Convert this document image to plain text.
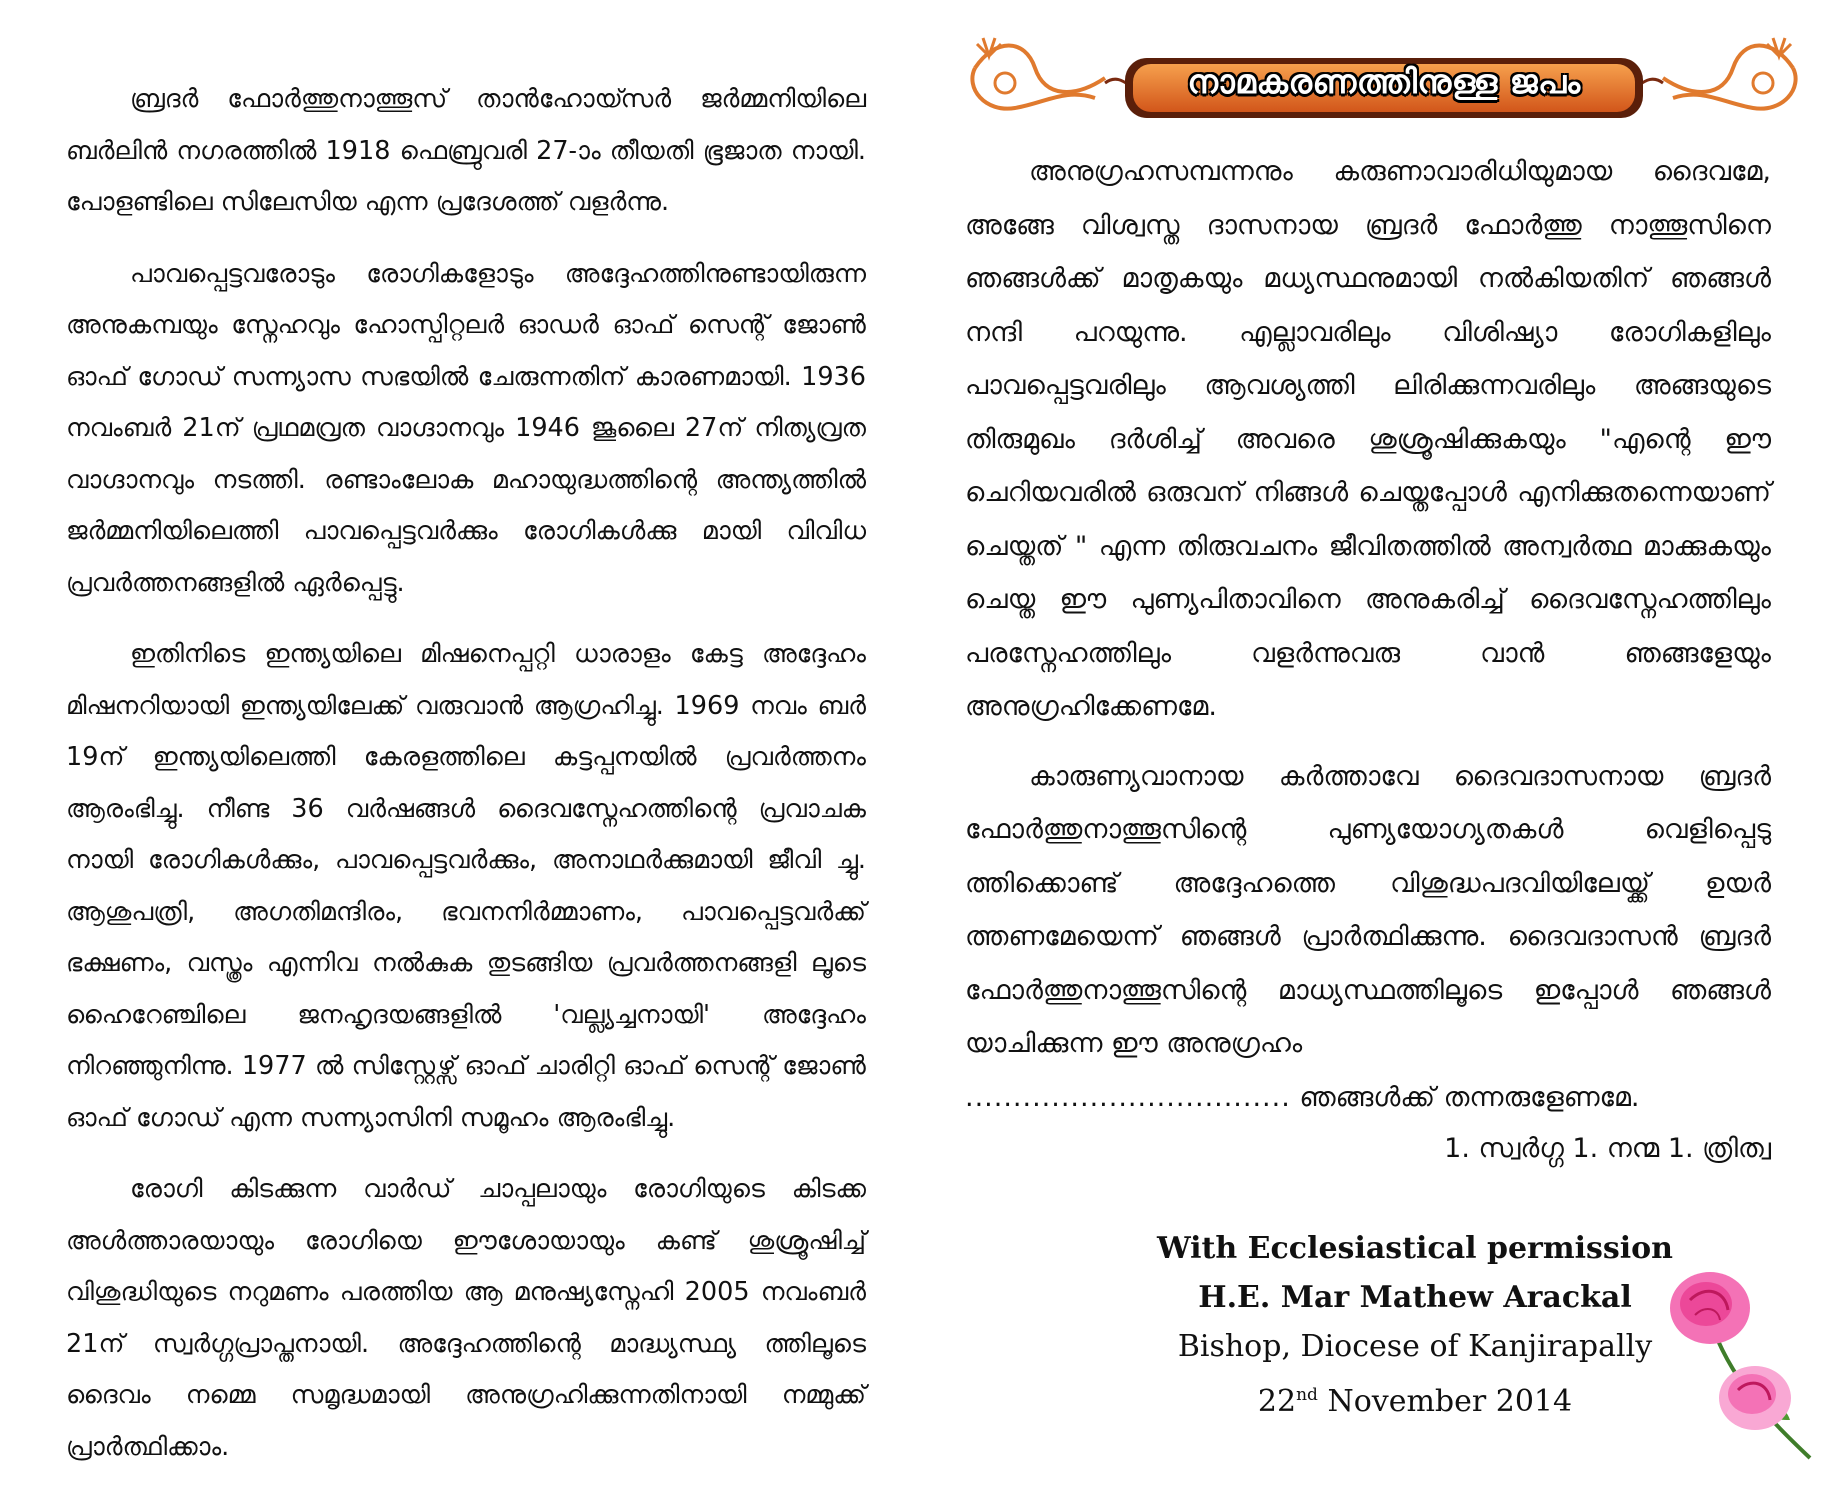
ബ്രദർ ഫോർത്തുനാത്തൂസ് താൻഹോയ്സർ ജർമ്മനിയിലെ ബർലിൻ നഗരത്തിൽ 1918 ഫെബ്രുവരി 27-ാം തീയതി ഭൂജാത നായി. പോളണ്ടിലെ സിലേസിയ എന്ന പ്രദേശത്ത് വളർന്നു.

പാവപ്പെട്ടവരോടും രോഗികളോടും അദ്ദേഹത്തിനുണ്ടായിരുന്ന അനുകമ്പയും സ്നേഹവും ഹോസ്പിറ്റലർ ഓഡർ ഓഫ് സെന്റ് ജോൺ ഓഫ് ഗോഡ് സന്ന്യാസ സഭയിൽ ചേരുന്നതിന് കാരണമായി. 1936 നവംബർ 21ന് പ്രഥമവ്രത വാഗ്ദാനവും 1946 ജൂലൈ 27ന് നിത്യവ്രത വാഗ്ദാനവും നടത്തി. രണ്ടാംലോക മഹായുദ്ധത്തിന്റെ അന്ത്യത്തിൽ ജർമ്മനിയിലെത്തി പാവപ്പെട്ടവർക്കും രോഗികൾക്കു മായി വിവിധ പ്രവർത്തനങ്ങളിൽ ഏർപ്പെട്ടു.

ഇതിനിടെ ഇന്ത്യയിലെ മിഷനെപ്പറ്റി ധാരാളം കേട്ട അദ്ദേഹം മിഷനറിയായി ഇന്ത്യയിലേക്ക് വരുവാൻ ആഗ്രഹിച്ചു. 1969 നവം ബർ 19ന് ഇന്ത്യയിലെത്തി കേരളത്തിലെ കട്ടപ്പനയിൽ പ്രവർത്തനം ആരംഭിച്ചു. നീണ്ട 36 വർഷങ്ങൾ ദൈവസ്നേഹത്തിന്റെ പ്രവാചക നായി രോഗികൾക്കും, പാവപ്പെട്ടവർക്കും, അനാഥർക്കുമായി ജീവി ച്ചു. ആശുപത്രി, അഗതിമന്ദിരം, ഭവനനിർമ്മാണം, പാവപ്പെട്ടവർക്ക് ഭക്ഷണം, വസ്ത്രം എന്നിവ നൽകുക തുടങ്ങിയ പ്രവർത്തനങ്ങളി ലൂടെ ഹൈറേഞ്ചിലെ ജനഹൃദയങ്ങളിൽ 'വല്ല്യച്ചനായി' അദ്ദേഹം നിറഞ്ഞുനിന്നു. 1977 ൽ സിസ്റ്റേഴ്സ് ഓഫ് ചാരിറ്റി ഓഫ് സെന്റ് ജോൺ ഓഫ് ഗോഡ് എന്ന സന്ന്യാസിനി സമൂഹം ആരംഭിച്ചു.

രോഗി കിടക്കുന്ന വാർഡ് ചാപ്പലായും രോഗിയുടെ കിടക്ക അൾത്താരയായും രോഗിയെ ഈശോയായും കണ്ട് ശുശ്രൂഷിച്ച് വിശുദ്ധിയുടെ നറുമണം പരത്തിയ ആ മനുഷ്യസ്നേഹി 2005 നവംബർ 21ന് സ്വർഗ്ഗപ്രാപ്തനായി. അദ്ദേഹത്തിന്റെ മാദ്ധ്യസ്ഥ്യ ത്തിലൂടെ ദൈവം നമ്മെ സമൃദ്ധമായി അനുഗ്രഹിക്കുന്നതിനായി നമ്മുക്ക് പ്രാർത്ഥിക്കാം.

നാമകരണത്തിനുള്ള ജപം

അനുഗ്രഹസമ്പന്നനും കരുണാവാരിധിയുമായ ദൈവമേ, അങ്ങേ വിശ്വസ്ത ദാസനായ ബ്രദർ ഫോർത്തു നാത്തൂസിനെ ഞങ്ങൾക്ക് മാതൃകയും മധ്യസ്ഥനുമായി നൽകിയതിന് ഞങ്ങൾ നന്ദി പറയുന്നു. എല്ലാവരിലും വിശിഷ്യാ രോഗികളിലും പാവപ്പെട്ടവരിലും ആവശ്യത്തി ലിരിക്കുന്നവരിലും അങ്ങയുടെ തിരുമുഖം ദർശിച്ച് അവരെ ശുശ്രൂഷിക്കുകയും "എന്റെ ഈ ചെറിയവരിൽ ഒരുവന് നിങ്ങൾ ചെയ്തപ്പോൾ എനിക്കുതന്നെയാണ് ചെയ്തത് " എന്ന തിരുവചനം ജീവിതത്തിൽ അന്വർത്ഥ മാക്കുകയും ചെയ്ത ഈ പുണ്യപിതാവിനെ അനുകരിച്ച് ദൈവസ്നേഹത്തിലും പരസ്നേഹത്തിലും വളർന്നുവരു വാൻ ഞങ്ങളേയും അനുഗ്രഹിക്കേണമേ.

കാരുണ്യവാനായ കർത്താവേ ദൈവദാസനായ ബ്രദർ ഫോർത്തുനാത്തൂസിന്റെ പുണ്യയോഗ്യതകൾ വെളിപ്പെടു ത്തിക്കൊണ്ട് അദ്ദേഹത്തെ വിശുദ്ധപദവിയിലേയ്ക്ക് ഉയർ ത്തണമേയെന്ന് ഞങ്ങൾ പ്രാർത്ഥിക്കുന്നു. ദൈവദാസൻ ബ്രദർ ഫോർത്തുനാത്തൂസിന്റെ മാധ്യസ്ഥത്തിലൂടെ ഇപ്പോൾ ഞങ്ങൾ യാചിക്കുന്ന ഈ അനുഗ്രഹം

.................................. ഞങ്ങൾക്ക് തന്നരുളേണമേ.

1. സ്വർഗ്ഗ 1. നന്മ 1. ത്രിത്വ
With Ecclesiastical permission
H.E. Mar Mathew Arackal
Bishop, Diocese of Kanjirapally
22nd November 2014
